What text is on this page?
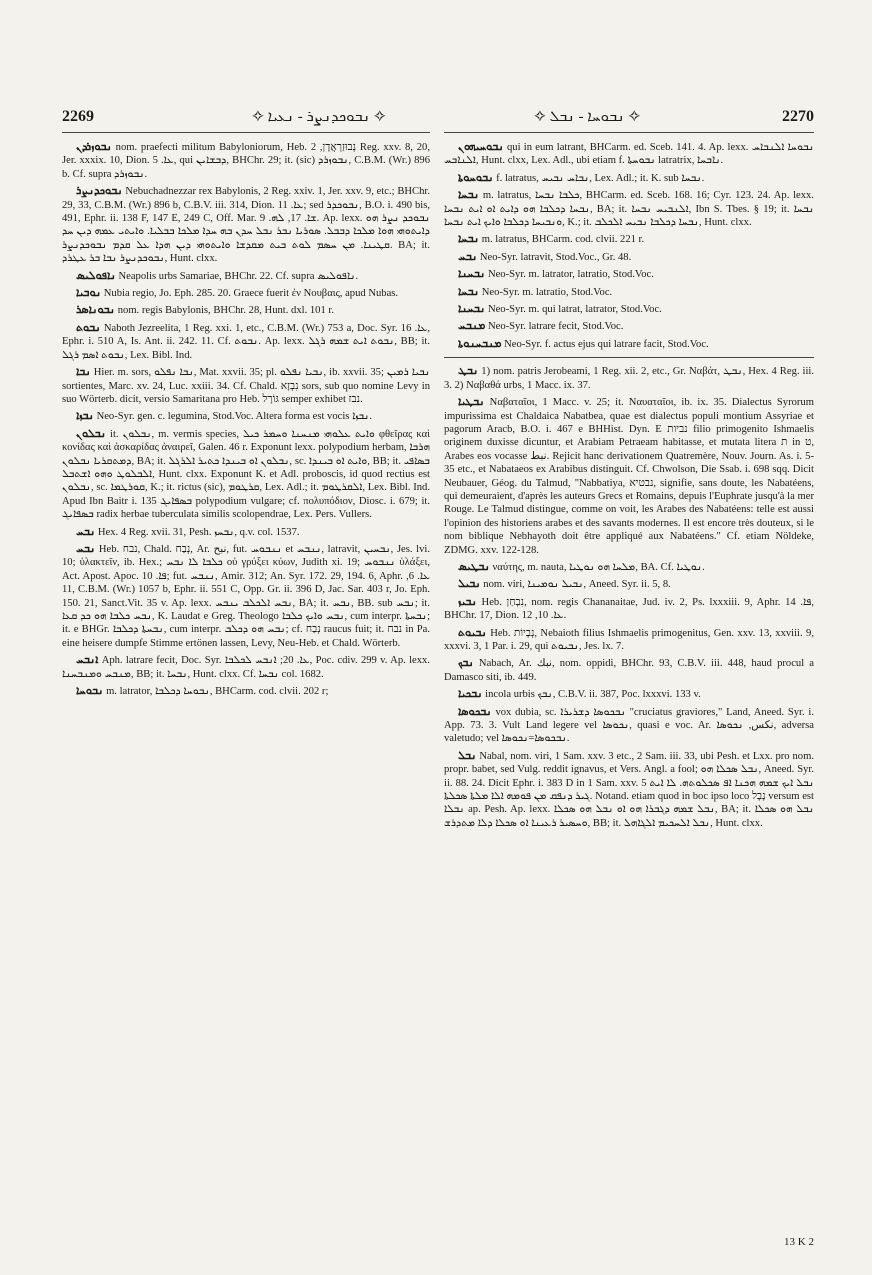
2269	✧ ܢܒܘܟܕܢܨܪ - ܢܥܝܐ ✧	✧ ܢܒܘܚܐ - ܢܒܠ ✧	2270

ܢܒܘܙܪܕܢ nom. praefecti militum Babyloniorum, Heb. נְבוּזַרְאֲדָן, 2 Reg. xxv. 8, 20, Jer. xxxix. 10, Dion. ܥܐ. 5, qui ܕܒܫܐܝܢ, BHChr. 29; it. (sic) ܢܒܘܙܪܕ, C.B.M. (Wr.) 896 b. Cf. supra ܢܒܘܙܪܕ.

ܢܒܘܟܕܢܨܪ Nebuchadnezzar rex Babylonis, 2 Reg. xxiv. 1, Jer. xxv. 9, etc.; BHChr. 29, 33, C.B.M. (Wr.) 896 b, C.B.V. iii. 314, Dion. ܥܐ. 11; sed ܢܒܘܟܕܪ, B.O. i. 490 bis, 491, Ephr. ii. 138 F, 147 E, 249 C, Off. Mar. ܫܐ. 17, ܠܗ. 9. Ap. lexx. ܢܒܘܟܕ ܢܨܪ ܗܘ ܕܐܝܬܘܗܝ ܗܘܐ ܡܠܟܐ ܕܒܒܠ. ܣܘܪܝܐ ܢܒܪ ܢܒܠ ܚܕܢ ܒܗ ܚܕܐ ܡܠܟܐ ܒܒܠܝܐ. ܘܐܝܬܝ ܥܡܗ ܕܝܢ ܚܕ ܩܛܝܢܐ. ܡܢ ܚܣܡ ܠܘܬ ܒܝܬ ܡܩܕܫܐ ܘܐܝܬܘܗܝ ܕܝܢ ܗܕܐ ܥܠ ܩܕܡ ܢܒܘܟܕܢܨܪ. BA; it. ܢܒܘܟܕܢܨܪ ܢܒܐ ܒܪ ܥܛܪܕ, Hunt. clxx.

ܢܐܦܘܠܝܣ Neapolis urbs Samariae, BHChr. 22. Cf. supra ܢܐܦܘܠܝܣ.

ܢܘܒܝܐ Nubia regio, Jo. Eph. 285. 20. Graece fuerit ἐν Νουβαις, apud Nubas.

ܢܒܘܢܐܣܪ nom. regis Babylonis, BHChr. 28, Hunt. dxl. 101 r.

ܢܒܘܬ Naboth Jezreelita, 1 Reg. xxi. 1, etc., C.B.M. (Wr.) 753 a, Doc. Syr. ܥܐ. 16, Ephr. i. 510 A, Is. Ant. ii. 242. 11. Cf. ܢܒܘܬ. Ap. lexx. ܢܒܘܬ ܐܝܬ ܫܡܗ ܪܓܠ, BB; it. ܢܒܘܬ ܐܣܡ ܪܓܠ, Lex. Bibl. Ind.

ܢܒܐ Hier. m. sors, ܢܒܐ ܢܦܠܘ, Mat. xxvii. 35; pl. ܢܒܝܐ ܢܦܠܘ, ib. xxvii. 35; ܢܒܝܐ ܪܡܝܢ sortientes, Marc. xv. 24, Luc. xxiii. 34. Cf. Chald. נִבְזָא sors, sub quo nomine Levy in suo Wörterb. dicit, versio Samaritana pro Heb. גּוֹרָל semper exhibet נבז.

ܢܒܙܐ Neo-Syr. gen. c. legumina, Stod.Voc. Altera forma est vocis ܢܒܙܐ.

ܢܒܠܘܢ it. ܢܒܠܘܢ, m. vermis species, ܘܐܝܬ ܥܠܘܗܝ ܡܢܚܢܐ ܘܚܡܪ ܟܝܠ φθεῖρας καὶ κονίδας καὶ ἀσκαρίδας ἀναιρεῖ, Galen. 46 r. Exponunt lexx. polypodium herbam, ܗܪܒܐ ܕܡܬܩܪܝܐ ܢܒܠܘܢ, BA; it. ܢܒܠܘܢ ܐܘ ܒܝܢܕܐ ܟܬܝܪ ܐܠܪܓܠ, sc. ܘܐܝܬ ܐܘ ܒܝܢܕܐ, BB; it. ܒܣܐܦܝ ܐܠܒܠܘܛ ܘܗܘ ܐܫܬܒܠ, Hunt. clxx. Exponunt K. et Adl. proboscis, id quod rectius est ܢܒܠܘܢ, sc. ܩܘܪܛܡܐ, K.; it. rictus (sic), ܩܪܛܘܡ, Lex. Adl.; it. ܐܠܩܪܛܘܡ, Lex. Bibl. Ind. Apud Ibn Baitr i. 135 ܒܣܦܐܝܓ polypodium vulgare; cf. πολυπόδιον, Diosc. i. 679; it. ܒܣܦܐܝܓ radix herbae tuberculata similis scolopendrae, Lex. Pers. Vullers.

ܢܒܚ Hex. 4 Reg. xvii. 31, Pesh. ܢܒܚܙ, q.v. col. 1537.

ܢܒܚ Heb. נבח, Chald. נְבַח, Ar. نبح, fut. ܢܢܒܘܚ et ܢܢܒܚ, latravit, ܢܒܚܝܢ, Jes. lvi. 10; ὑλακτεῖν, ib. Hex.; ܟܠܒܐ ܠܐ ܢܒܚ οὐ γρύξει κύων, Judith xi. 19; ܢܢܒܘܚ ὑλάξει, Act. Apost. Apoc. ܦܐ. 10; fut. ܢܢܒܚ, Amir. 312; An. Syr. 172. 29, 194. 6, Aphr. ܥܐ. 6, 11, C.B.M. (Wr.) 1057 b, Ephr. ii. 551 C, Opp. Gr. ii. 396 D, Jac. Sar. 403 r, Jo. Eph. 150. 21, Sanct.Vit. 35 v. Ap. lexx. ܢܒܚ ܐܠܟܠܒ ܝܢܒܚ, BA; it. ܢܒܚ, BB. sub ܢܒܚ; it. ܢܒܚ ܟܠܒܐ ܗܘ ܟܕ ܩܥܐ, K. Laudat e Greg. Theologo ܢܒܚ ܘܐܝܟ ܟܠܒܐ, cum interpr. ܢܒܚܬܐ; it. e BHGr. ܢܒܚܬܐ ܕܟܠܒܐ, cum interpr. ܢܒܚ ܗܘ ܕܟܠܒ; cf. נְבַח raucus fuit; it. נבח in Pa. eine heisere dumpfe Stimme ertönen lassen, Levy, Neu-Heb. et Chald. Wörterb.

ܐܢܒܚ Aph. latrare fecit, Doc. Syr. ܥܐ. 20; ܐܢܒܚ ܠܟܠܒܐ, Poc. cdiv. 299 v. Ap. lexx. ܡܢܒܚ ܘܡܢܒܚܢܐ, BB; it. ܢܒܚܐ, Hunt. clxx. Cf. ܢܒܚܐ col. 1682.

ܢܒܘܚܐ m. latrator, ܢܒܘܚܐ ܕܟܠܒܐ, BHCarm. cod. clvii. 202 r;

ܢܒܘܚܝܗܘܢ qui in eum latrant, BHCarm. ed. Sceb. 141. 4. Ap. lexx. ܢܒܘܚܐ ܐܠܢܒܐܚ ܐܠܢܐܒܚ, Hunt. clxx, Lex. Adl., ubi etiam f. ܢܒܘܚܬܐ latratrix, ܢܐܒܚܐ.

ܢܒܘܚܘܬܐ f. latratus, ܢܒܐܚ ܢܒܝܚ, Lex. Adl.; it. K. sub ܢܒܚܐ.

ܢܒܚܐ m. latratus, ܟܠܒܐ ܢܒܚܐ, BHCarm. ed. Sceb. 168. 16; Cyr. 123. 24. Ap. lexx. ܢܒܚܐ ܕܟܠܒܐ ܗܘ ܕܐܝܬ ܐܘ ܐܝܬ ܢܒܚܐ, BA; it. ܐܠܢܒܝܚ ܢܒܚܐ, Ibn S. Tbes. § 19; it. ܢܒܚܐ ܘܢܒܝܚܐ ܕܟܠܒܐ ܘܐܝܟ ܐܝܬ ܢܒܚܐ, K.; it. ܢܒܚܐ ܕܟܠܒܐ ܢܒܝܚ ܐܠܟܠܒ, Hunt. clxx.

ܢܒܚܐ m. latratus, BHCarm. cod. clvii. 221 r.

ܢܒܚ Neo-Syr. latravit, Stod.Voc., Gr. 48.

ܢܒܚܢܐ Neo-Syr. m. latrator, latratio, Stod.Voc.

ܢܒܚܐ Neo-Syr. m. latratio, Stod.Voc.

ܢܒܚܢܐ Neo-Syr. m. qui latrat, latrator, Stod.Voc.

ܡܢܒܚ Neo-Syr. latrare fecit, Stod.Voc.

ܡܢܒܚܢܘܬܐ Neo-Syr. f. actus ejus qui latrare facit, Stod.Voc.

ܢܒܛ 1) nom. patris Jerobeami, 1 Reg. xii. 2, etc., Gr. Ναβάτ, ܢܒܛ, Hex. 4 Reg. iii. 3. 2) Ναβαθά urbs, 1 Macc. ix. 37.

ܢܒܛܝܐ Ναβαταῖοι, 1 Macc. v. 25; it. Ναυαταῖοι, ib. ix. 35. Dialectus Syrorum impurissima est Chaldaica Nabatbea, quae est dialectus populi montium Assyriae et pagorum Aracb, B.O. i. 467 e BHHist. Dyn. E נביות filio primogenito Ishmaelis originem duxisse dicuntur, et Arabiam Petraeam habitasse, et mutata litera ת in ט, Arabes eos vocasse نبط. Rejicit hanc derivationem Quatremère, Nouv. Journ. As. i. 5-35 etc., et Nabataeos ex Arabibus distinguit. Cf. Chwolson, Die Ssab. i. 698 sqq. Dicit Neubauer, Géog. du Talmud, "Nabbatiya, נבטיא, signifie, sans doute, les Nabatéens, qui demeuraient, d'après les auteurs Grecs et Romains, depuis l'Euphrate jusqu'à la mer Rouge. Le Talmud distingue, comme on voit, les Arabes des Nabatéens: telle est aussi l'opinion des historiens arabes et des savants modernes. Il est encore très douteux, si le nom biblique Nebhayoth doit être appliqué aux Nabatéens." Cf. etiam Nöldeke, ZDMG. xxv. 122-128.

ܢܒܛܝܣ ναύτης, m. nauta, ܡܠܚܐ ܗܘ ܢܘܛܝܐ, BA. Cf. ܢܘܛܝܐ.

ܢܒܝܠ nom. viri, ܢܒܝܠ ܢܘܡܝܢܐ, Aneed. Syr. ii. 5, 8.

ܢܒܝܙ Heb. נִבְחַן, nom. regis Chananaitae, Jud. iv. 2, Ps. lxxxiii. 9, Aphr. ܦܐ. 14, BHChr. 17, Dion. ܥܐ. 10, 12.

ܢܒܝܘܬ Heb. נְבָיוֹת, Nebaioth filius Ishmaelis primogenitus, Gen. xxv. 13, xxviii. 9, xxxvi. 3, 1 Par. i. 29, qui ܢܒܝܘܬ, Jes. lx. 7.

ܢܒܟ Nabach, Ar. نبك, nom. oppidi, BHChr. 93, C.B.V. iii. 448, haud procul a Damasco siti, ib. 449.

ܢܒܟܝܐ incola urbis ܢܒܟ, C.B.V. ii. 387, Poc. lxxxvi. 133 v.

ܢܒܟܘܣܐ vox dubia, sc. ܢܒܟܘܣܐ ܕܫܪܝܪܐ "cruciatus graviores," Land, Aneed. Syr. i. App. 73. 3. Vult Land legere vel ܢܟܘܣܐ, quasi e voc. Ar. نكس, ܢܟܘܣܐ, adversa valetudo; vel ܢܒܟܘܣܐ=ܢܟܘܣܐ.

ܢܒܠ Nabal, nom. viri, 1 Sam. xxv. 3 etc., 2 Sam. iii. 33, ubi Pesh. et Lxx. pro nom. propr. babet, sed Vulg. reddit ignavus, et Vers. Angl. a fool; ܢܒܠ ܣܟܠܐ ܗܘ, Aneed. Syr. ii. 88. 24. Dicit Ephr. i. 383 D in 1 Sam. xxv. 5 ܢܒܠ ܐܝܟ ܫܡܗ ܗܟܢܐ ܐܦ ܣܟܠܘܬܗ. ܠܐ ܐܝܬ ܓܝܪ ܕܢܦܩ ܡܢ ܦܘܡܗ ܐܠܐ ܡܠܬܐ ܣܟܠܬܐ. Notand. etiam quod in boc ipso loco נָבָל versum est ܢܒܠܐ ap. Pesh. Ap. lexx. ܢܒܠ ܫܡܗ ܕܓܒܪܐ ܗܘ ܐܘ ܢܒܠ ܗܘ ܣܟܠܐ, BA; it. ܢܒܠ ܗܘ ܣܟܠܐ ܘܚܣܝܪ ܪܥܝܢܐ ܐܘ ܣܟܠܐ ܕܠܐ ܡܬܕܪܫ, BB; it. ܢܒܠ ܐܠܚܟܝܡ ܐܠܓܐܗܠ, Hunt. clxx.

13 K 2
